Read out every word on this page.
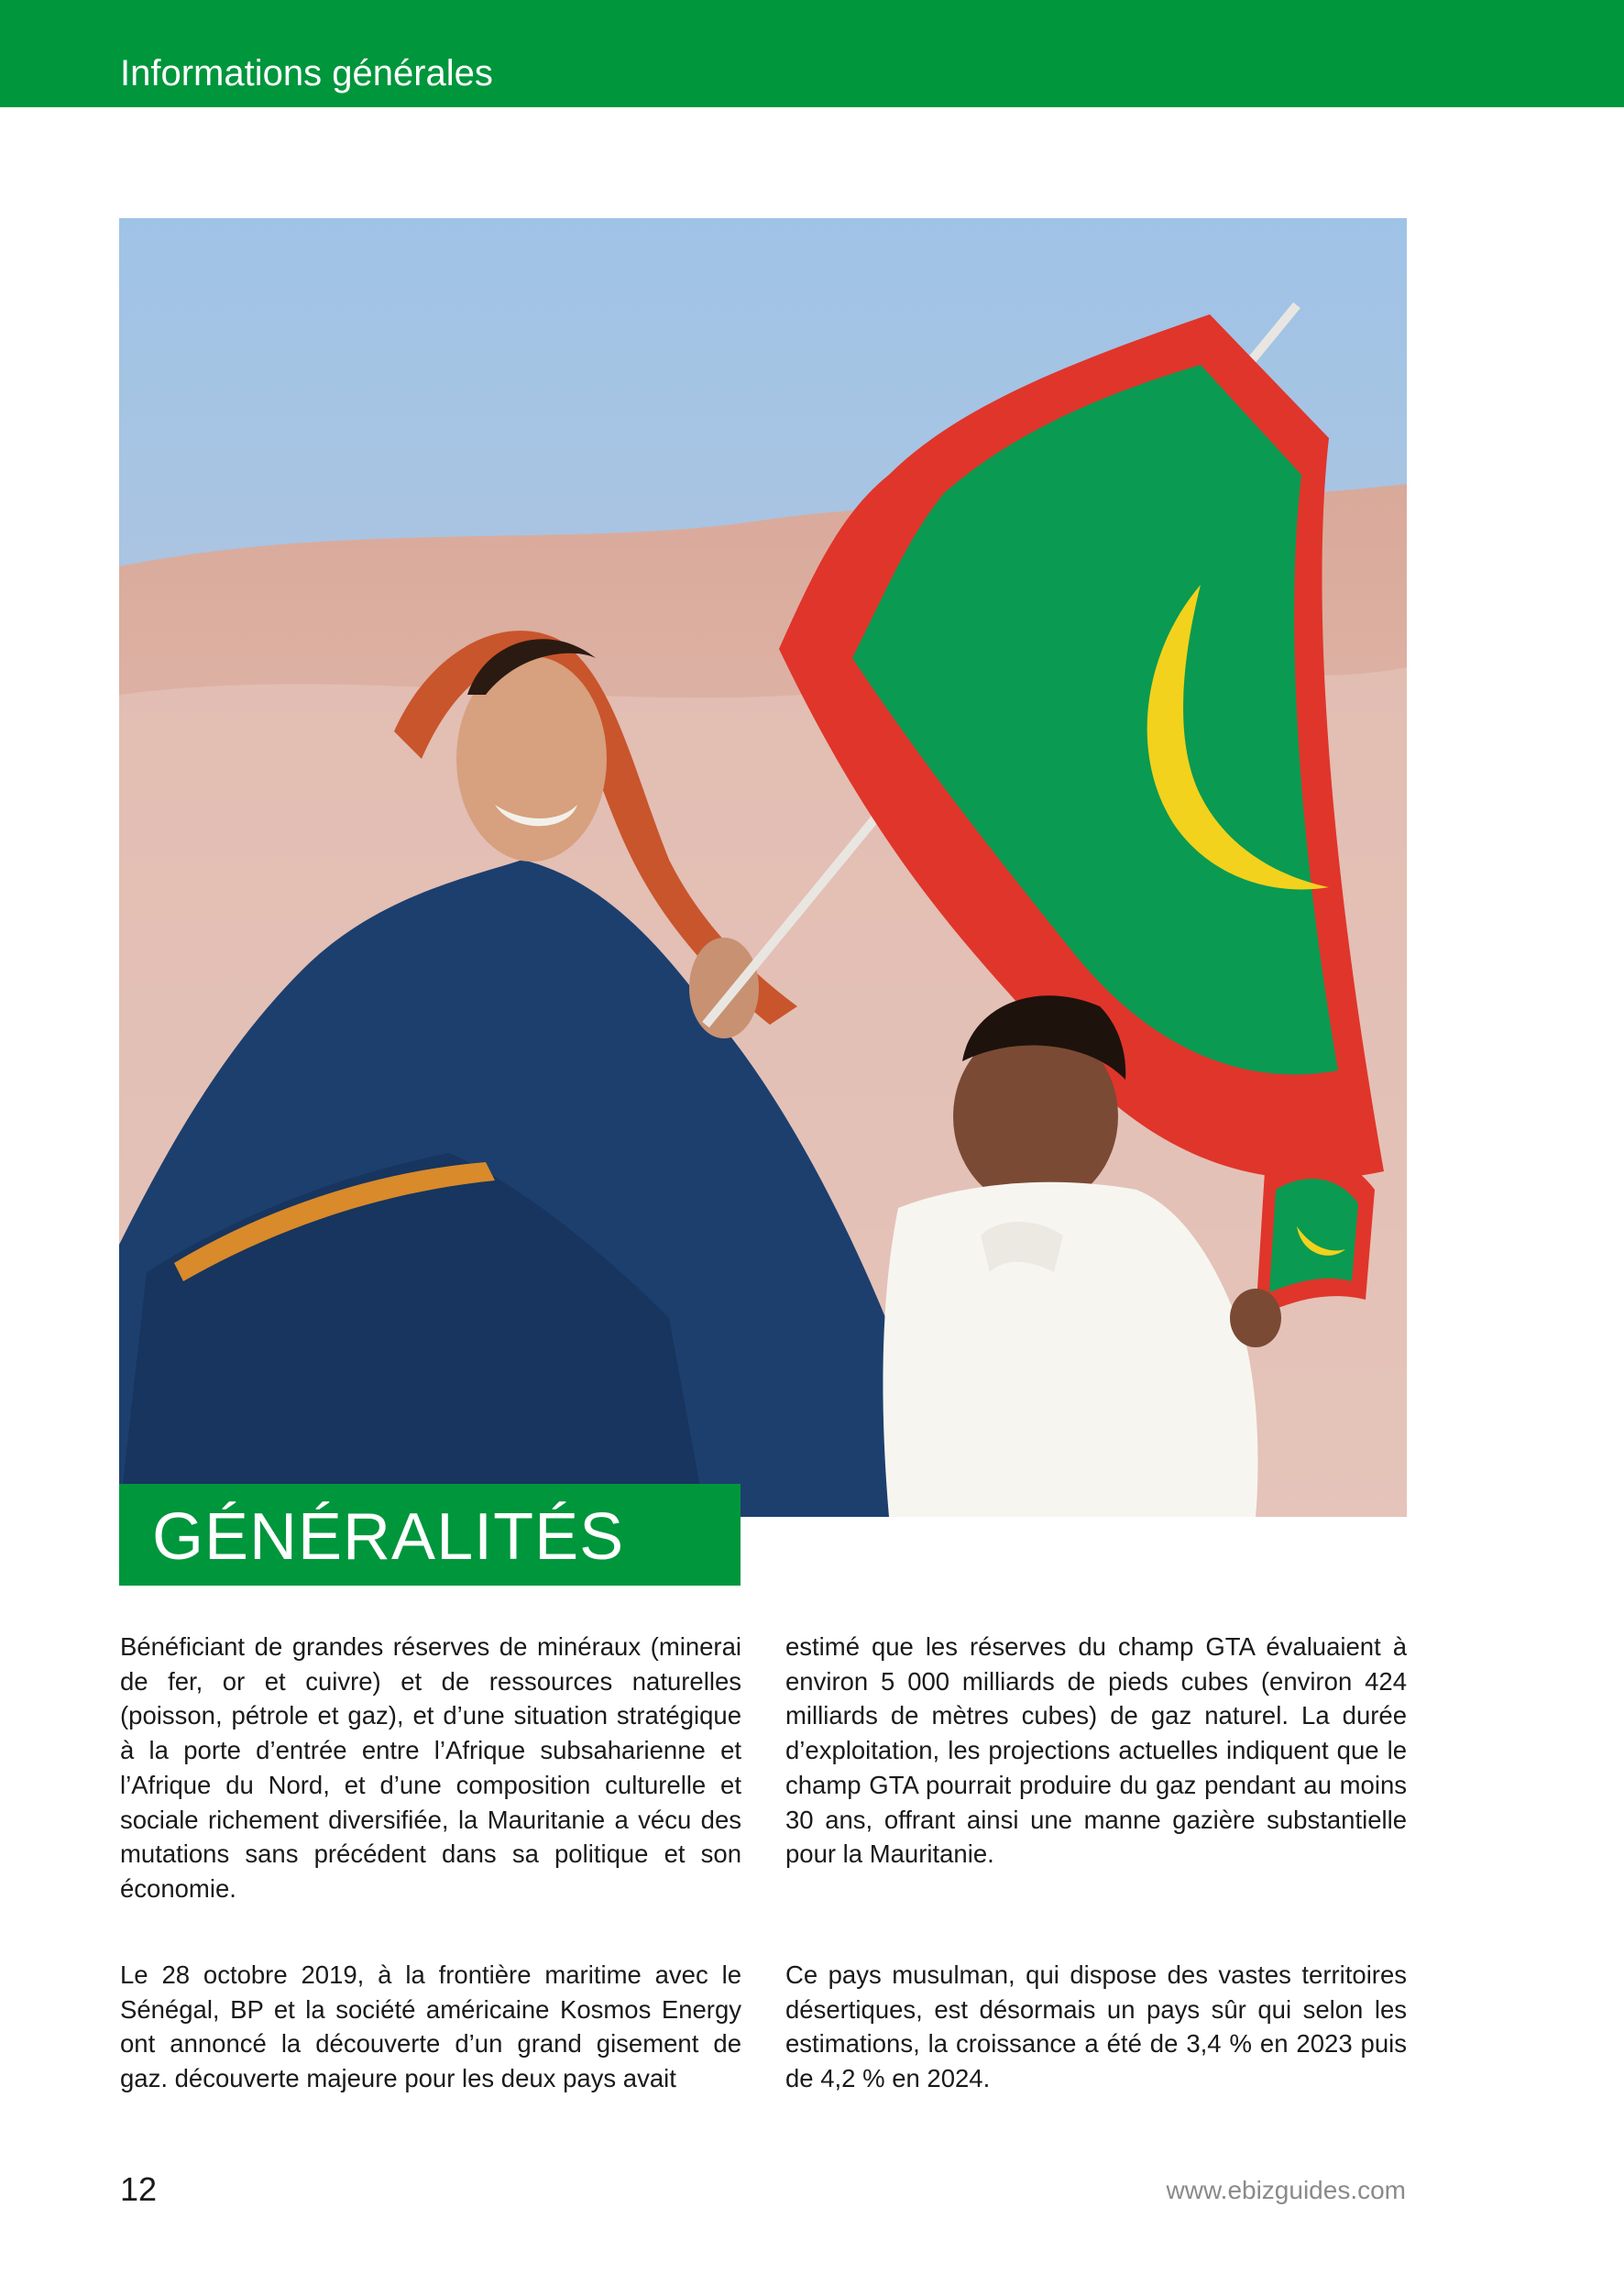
Informations générales
GÉNÉRALITÉS

Bénéficiant de grandes réserves de minéraux (minerai de fer, or et cuivre) et de ressources naturelles (poisson, pétrole et gaz), et d’une situation stratégique à la porte d’entrée entre l’Afrique subsaharienne et l’Afrique du Nord, et d’une composition culturelle et sociale richement diversifiée, la Mauritanie a vécu des mutations sans précédent dans sa politique et son économie.

Le 28 octobre 2019, à la frontière maritime avec le Sénégal, BP et la société américaine Kosmos Energy ont annoncé la découverte d’un grand gisement de gaz. découverte majeure pour les deux pays avait

estimé que les réserves du champ GTA évaluaient à environ 5 000 milliards de pieds cubes (environ 424 milliards de mètres cubes) de gaz naturel. La durée d’exploitation, les projections actuelles indiquent que le champ GTA pourrait produire du gaz pendant au moins 30 ans, offrant ainsi une manne gazière substantielle pour la Mauritanie.

Ce pays musulman, qui dispose des vastes territoires désertiques, est désormais un pays sûr qui selon les estimations, la croissance a été de 3,4 % en 2023 puis de 4,2 % en 2024.

12	www.ebizguides.com
